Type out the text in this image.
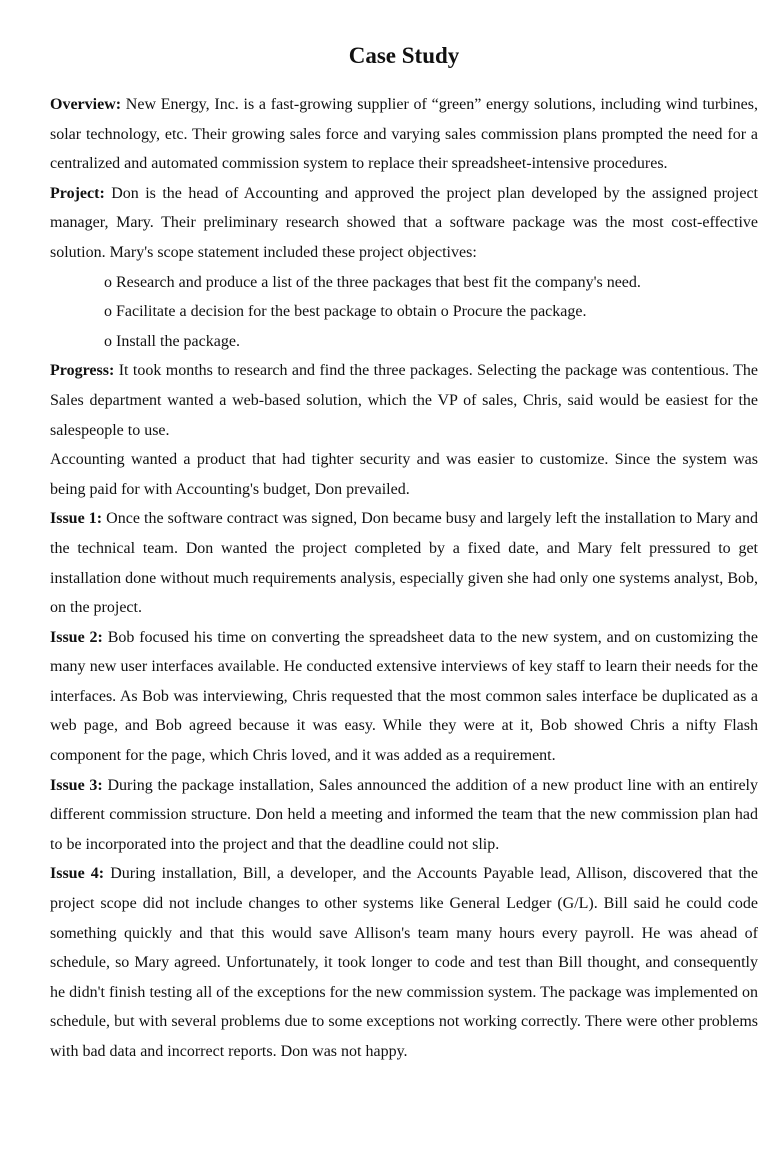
Case Study

Overview: New Energy, Inc. is a fast-growing supplier of “green” energy solutions, including wind turbines, solar technology, etc. Their growing sales force and varying sales commission plans prompted the need for a centralized and automated commission system to replace their spreadsheet-intensive procedures.

Project: Don is the head of Accounting and approved the project plan developed by the assigned project manager, Mary. Their preliminary research showed that a software package was the most cost-effective solution. Mary's scope statement included these project objectives:

o Research and produce a list of the three packages that best fit the company's need.

o Facilitate a decision for the best package to obtain o Procure the package.

o Install the package.

Progress: It took months to research and find the three packages. Selecting the package was contentious. The Sales department wanted a web-based solution, which the VP of sales, Chris, said would be easiest for the salespeople to use.

Accounting wanted a product that had tighter security and was easier to customize. Since the system was being paid for with Accounting's budget, Don prevailed.

Issue 1: Once the software contract was signed, Don became busy and largely left the installation to Mary and the technical team. Don wanted the project completed by a fixed date, and Mary felt pressured to get installation done without much requirements analysis, especially given she had only one systems analyst, Bob, on the project.

Issue 2: Bob focused his time on converting the spreadsheet data to the new system, and on customizing the many new user interfaces available. He conducted extensive interviews of key staff to learn their needs for the interfaces. As Bob was interviewing, Chris requested that the most common sales interface be duplicated as a web page, and Bob agreed because it was easy. While they were at it, Bob showed Chris a nifty Flash component for the page, which Chris loved, and it was added as a requirement.

Issue 3: During the package installation, Sales announced the addition of a new product line with an entirely different commission structure. Don held a meeting and informed the team that the new commission plan had to be incorporated into the project and that the deadline could not slip.

Issue 4: During installation, Bill, a developer, and the Accounts Payable lead, Allison, discovered that the project scope did not include changes to other systems like General Ledger (G/L). Bill said he could code something quickly and that this would save Allison's team many hours every payroll. He was ahead of schedule, so Mary agreed. Unfortunately, it took longer to code and test than Bill thought, and consequently he didn't finish testing all of the exceptions for the new commission system. The package was implemented on schedule, but with several problems due to some exceptions not working correctly. There were other problems with bad data and incorrect reports. Don was not happy.
